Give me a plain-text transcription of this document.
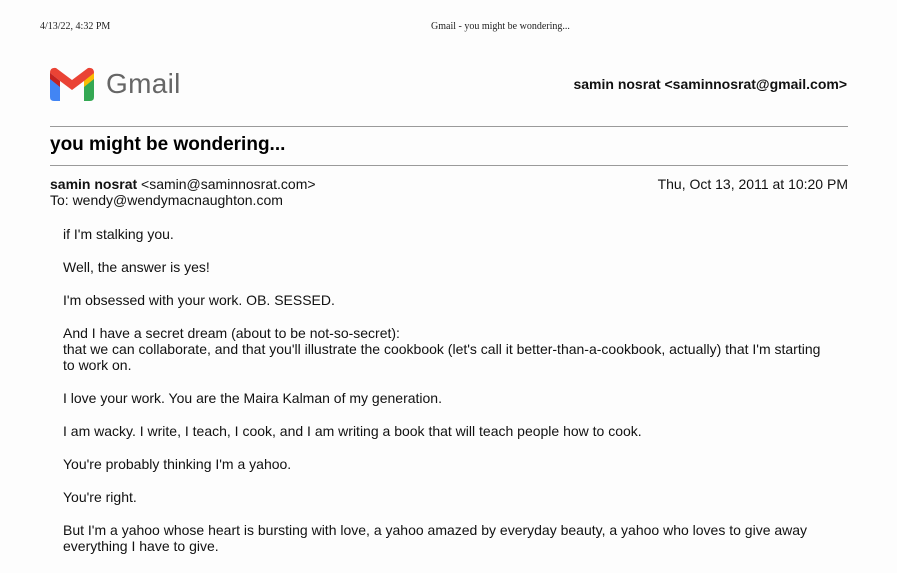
4/13/22, 4:32 PM	Gmail - you might be wondering...
Gmail	samin nosrat <saminnosrat@gmail.com>
you might be wondering...
samin nosrat <samin@saminnosrat.com>
To: wendy@wendymacnaughton.com
Thu, Oct 13, 2011 at 10:20 PM

if I'm stalking you.

Well, the answer is yes!

I'm obsessed with your work. OB. SESSED.

And I have a secret dream (about to be not-so-secret):

that we can collaborate, and that you'll illustrate the cookbook (let's call it better-than-a-cookbook, actually) that I'm starting to work on.

I love your work. You are the Maira Kalman of my generation.

I am wacky. I write, I teach, I cook, and I am writing a book that will teach people how to cook.

You're probably thinking I'm a yahoo.

You're right.

But I'm a yahoo whose heart is bursting with love, a yahoo amazed by everyday beauty, a yahoo who loves to give away everything I have to give.
